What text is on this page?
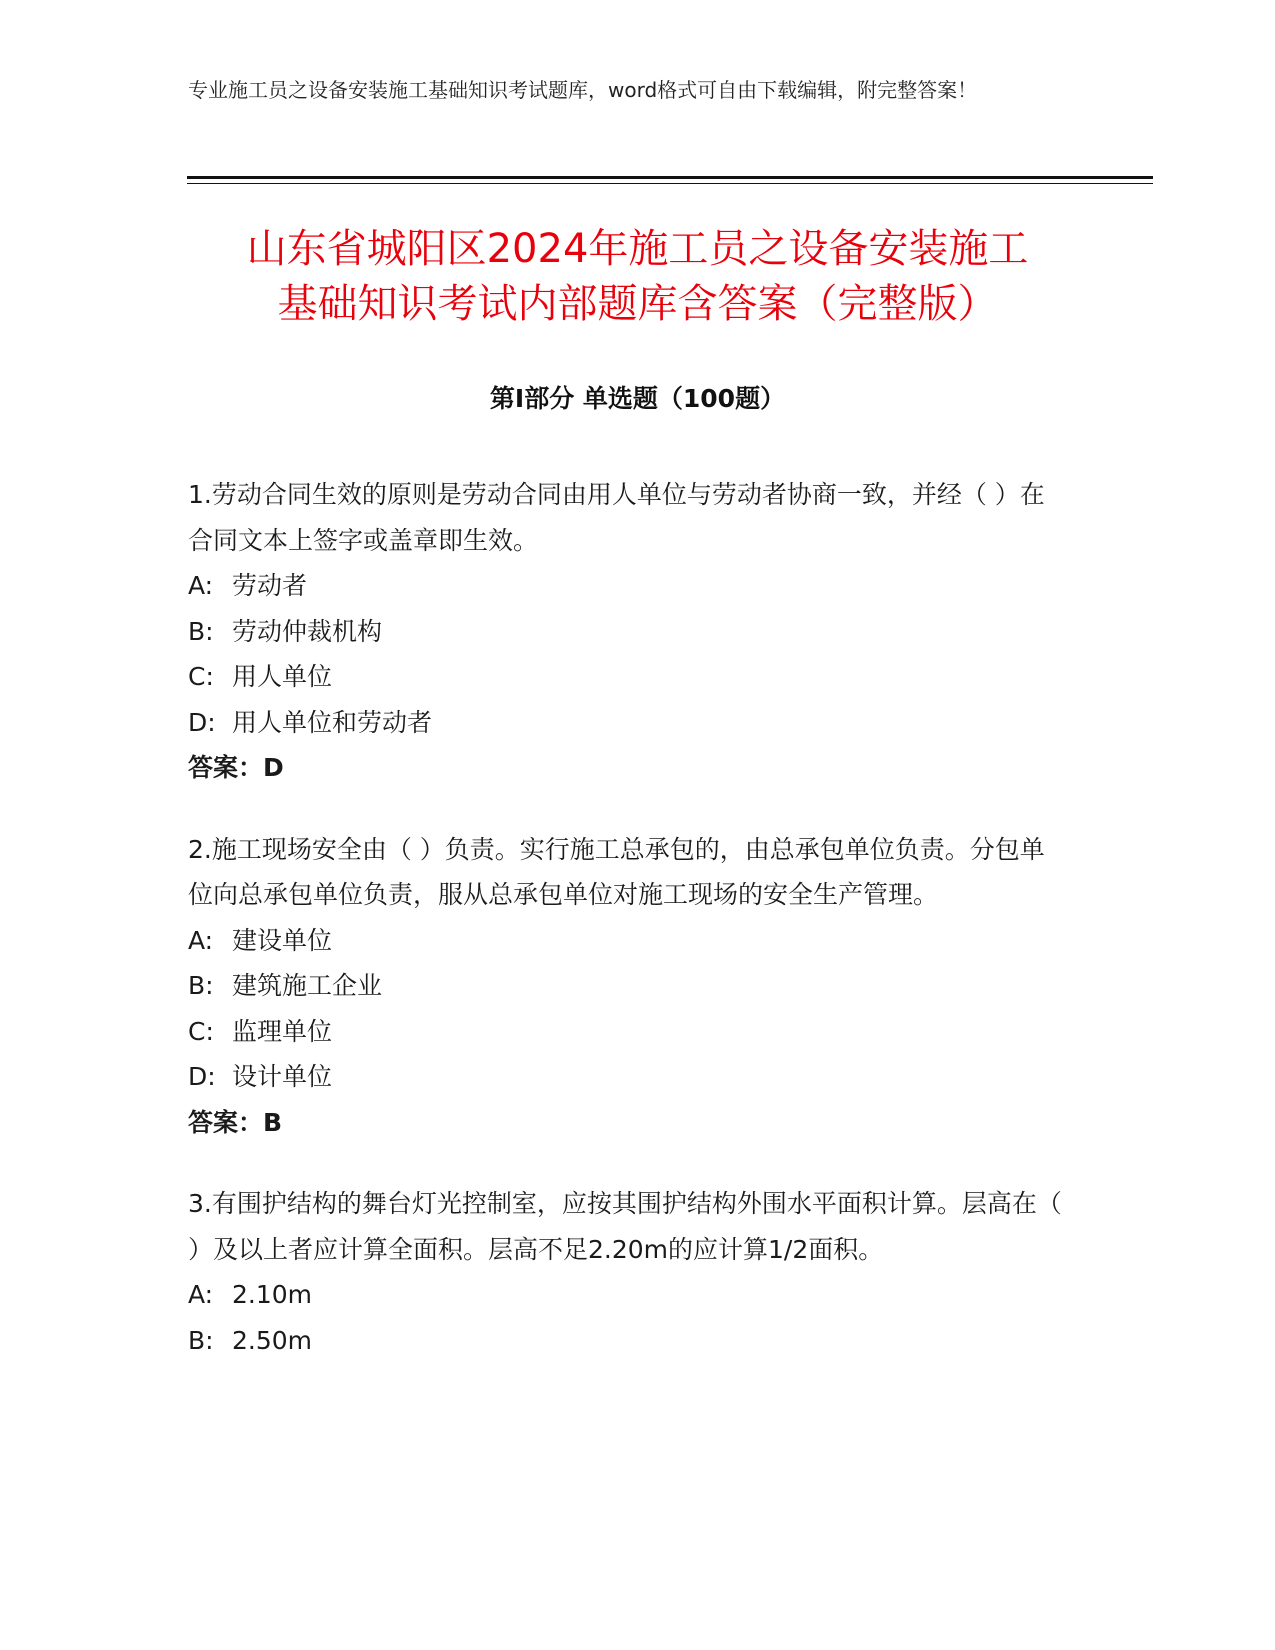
专业施工员之设备安装施工基础知识考试题库，word格式可自由下载编辑，附完整答案！
山东省城阳区2024年施工员之设备安装施工
基础知识考试内部题库含答案（完整版）
第Ⅰ部分 单选题（100题）

1.劳动合同生效的原则是劳动合同由用人单位与劳动者协商一致，并经（ ）在合同文本上签字或盖章即生效。

A: 劳动者
B: 劳动仲裁机构
C: 用人单位
D: 用人单位和劳动者
答案：D

2.施工现场安全由（ ）负责。实行施工总承包的，由总承包单位负责。分包单位向总承包单位负责，服从总承包单位对施工现场的安全生产管理。

A: 建设单位
B: 建筑施工企业
C: 监理单位
D: 设计单位
答案：B

3.有围护结构的舞台灯光控制室，应按其围护结构外围水平面积计算。层高在（ ）及以上者应计算全面积。层高不足2.20m的应计算1/2面积。

A: 2.10m
B: 2.50m
